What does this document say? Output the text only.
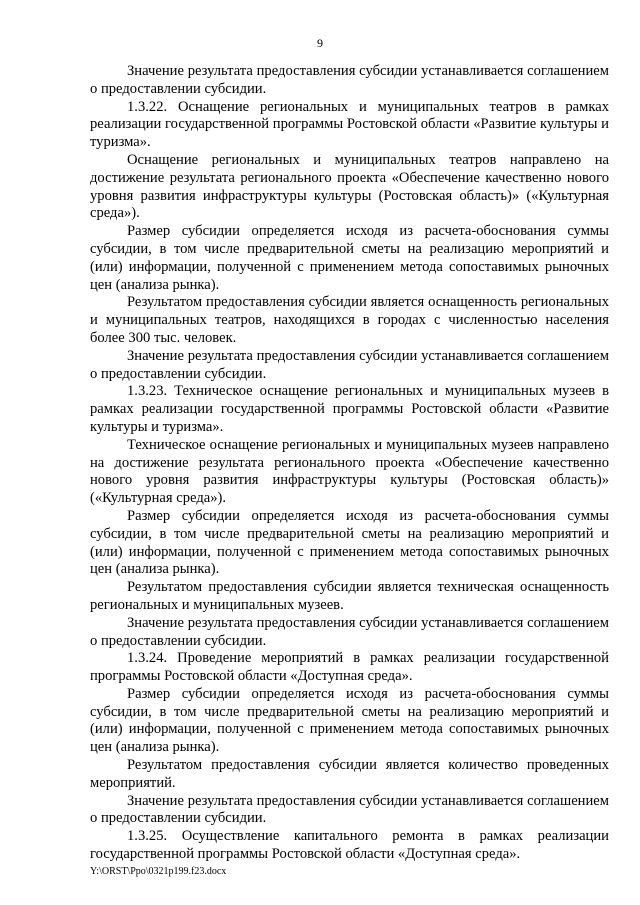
9

Значение результата предоставления субсидии устанавливается соглашением о предоставлении субсидии.

1.3.22. Оснащение региональных и муниципальных театров в рамках реализации государственной программы Ростовской области «Развитие культуры и туризма».

Оснащение региональных и муниципальных театров направлено на достижение результата регионального проекта «Обеспечение качественно нового уровня развития инфраструктуры культуры (Ростовская область)» («Культурная среда»).

Размер субсидии определяется исходя из расчета-обоснования суммы субсидии, в том числе предварительной сметы на реализацию мероприятий и (или) информации, полученной с применением метода сопоставимых рыночных цен (анализа рынка).

Результатом предоставления субсидии является оснащенность региональных и муниципальных театров, находящихся в городах с численностью населения более 300 тыс. человек.

Значение результата предоставления субсидии устанавливается соглашением о предоставлении субсидии.

1.3.23. Техническое оснащение региональных и муниципальных музеев в рамках реализации государственной программы Ростовской области «Развитие культуры и туризма».

Техническое оснащение региональных и муниципальных музеев направлено на достижение результата регионального проекта «Обеспечение качественно нового уровня развития инфраструктуры культуры (Ростовская область)» («Культурная среда»).

Размер субсидии определяется исходя из расчета-обоснования суммы субсидии, в том числе предварительной сметы на реализацию мероприятий и (или) информации, полученной с применением метода сопоставимых рыночных цен (анализа рынка).

Результатом предоставления субсидии является техническая оснащенность региональных и муниципальных музеев.

Значение результата предоставления субсидии устанавливается соглашением о предоставлении субсидии.

1.3.24. Проведение мероприятий в рамках реализации государственной программы Ростовской области «Доступная среда».

Размер субсидии определяется исходя из расчета-обоснования суммы субсидии, в том числе предварительной сметы на реализацию мероприятий и (или) информации, полученной с применением метода сопоставимых рыночных цен (анализа рынка).

Результатом предоставления субсидии является количество проведенных мероприятий.

Значение результата предоставления субсидии устанавливается соглашением о предоставлении субсидии.

1.3.25. Осуществление капитального ремонта в рамках реализации государственной программы Ростовской области «Доступная среда».

Y:\ORST\Ppo\0321p199.f23.docx
